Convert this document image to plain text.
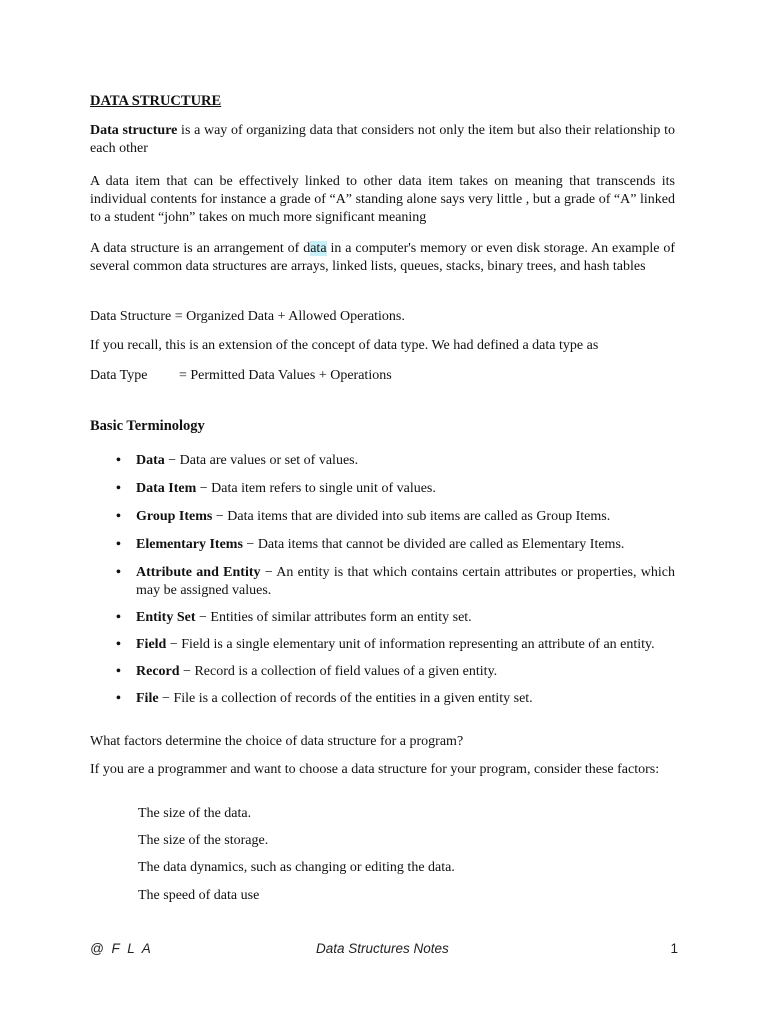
DATA STRUCTURE

Data structure is a way of organizing data that considers not only the item but also their relationship to each other

A data item that can be effectively linked to other data item takes on meaning that transcends its individual contents for instance a grade of “A” standing alone says very little , but a grade of “A” linked to a student “john” takes on much more significant meaning

A data structure is an arrangement of data in a computer's memory or even disk storage. An example of several common data structures are arrays, linked lists, queues, stacks, binary trees, and hash tables

Data Structure = Organized Data + Allowed Operations.

If you recall, this is an extension of the concept of data type. We had defined a data type as

Data Type = Permitted Data Values + Operations

Basic Terminology
• Data − Data are values or set of values.
• Data Item − Data item refers to single unit of values.
• Group Items − Data items that are divided into sub items are called as Group Items.
• Elementary Items − Data items that cannot be divided are called as Elementary Items.
• Attribute and Entity − An entity is that which contains certain attributes or properties, which may be assigned values.
• Entity Set − Entities of similar attributes form an entity set.
• Field − Field is a single elementary unit of information representing an attribute of an entity.
• Record − Record is a collection of field values of a given entity.
• File − File is a collection of records of the entities in a given entity set.

What factors determine the choice of data structure for a program?

If you are a programmer and want to choose a data structure for your program, consider these factors:

The size of the data.

The size of the storage.

The data dynamics, such as changing or editing the data.

The speed of data use

@ F L A	Data Structures Notes	1
